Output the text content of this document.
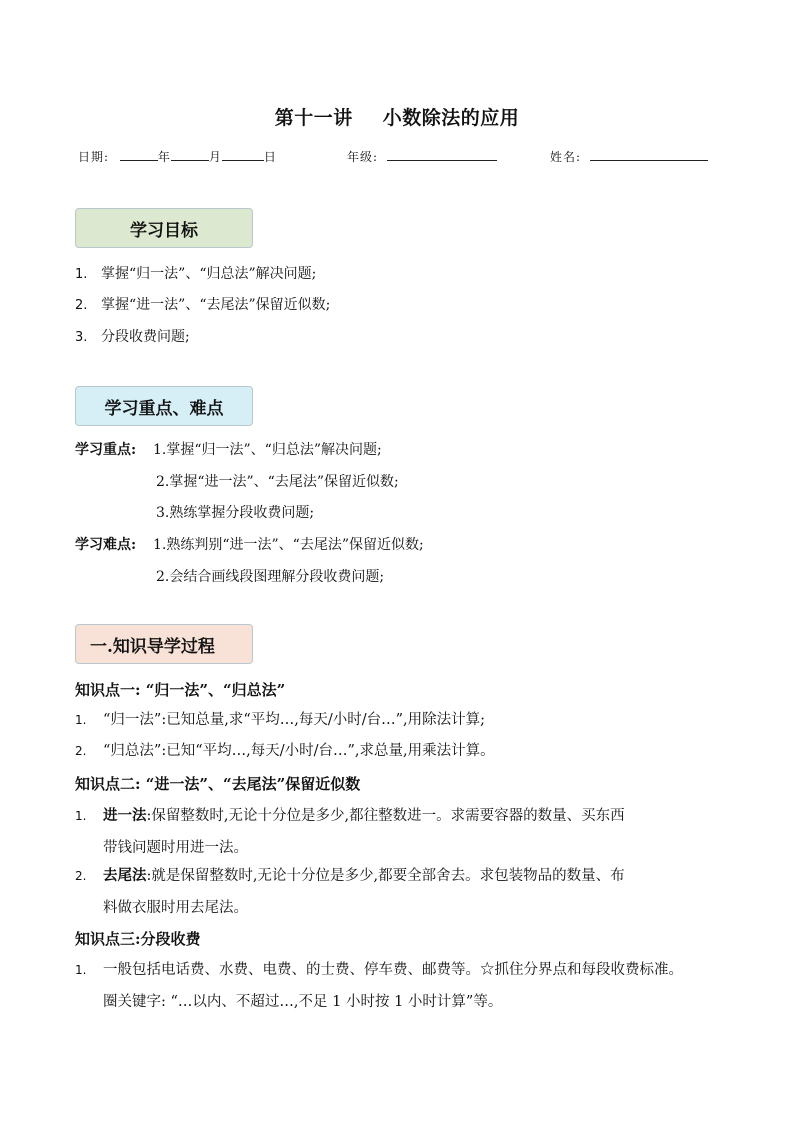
第十一讲 小数除法的应用
日期:	年	月	日	年级:	姓名:
学习目标
1. 掌握“归一法”、“归总法”解决问题;
2. 掌握“进一法”、“去尾法”保留近似数;
3. 分段收费问题;
学习重点、难点
学习重点: 1.掌握“归一法”、“归总法”解决问题;
2.掌握“进一法”、“去尾法”保留近似数;
3.熟练掌握分段收费问题;
学习难点: 1.熟练判别“进一法”、“去尾法”保留近似数;
2.会结合画线段图理解分段收费问题;
一.知识导学过程
知识点一: “归一法”、“归总法”
1. “归一法”:已知总量,求“平均…,每天/小时/台…”,用除法计算;
2. “归总法”:已知“平均…,每天/小时/台…”,求总量,用乘法计算。
知识点二: “进一法”、“去尾法”保留近似数
1. 进一法:保留整数时,无论十分位是多少,都往整数进一。求需要容器的数量、买东西
带钱问题时用进一法。
2. 去尾法:就是保留整数时,无论十分位是多少,都要全部舍去。求包装物品的数量、布
料做衣服时用去尾法。
知识点三:分段收费
1. 一般包括电话费、水费、电费、的士费、停车费、邮费等。☆抓住分界点和每段收费标准。
圈关键字: “…以内、不超过…,不足 1 小时按 1 小时计算”等。
